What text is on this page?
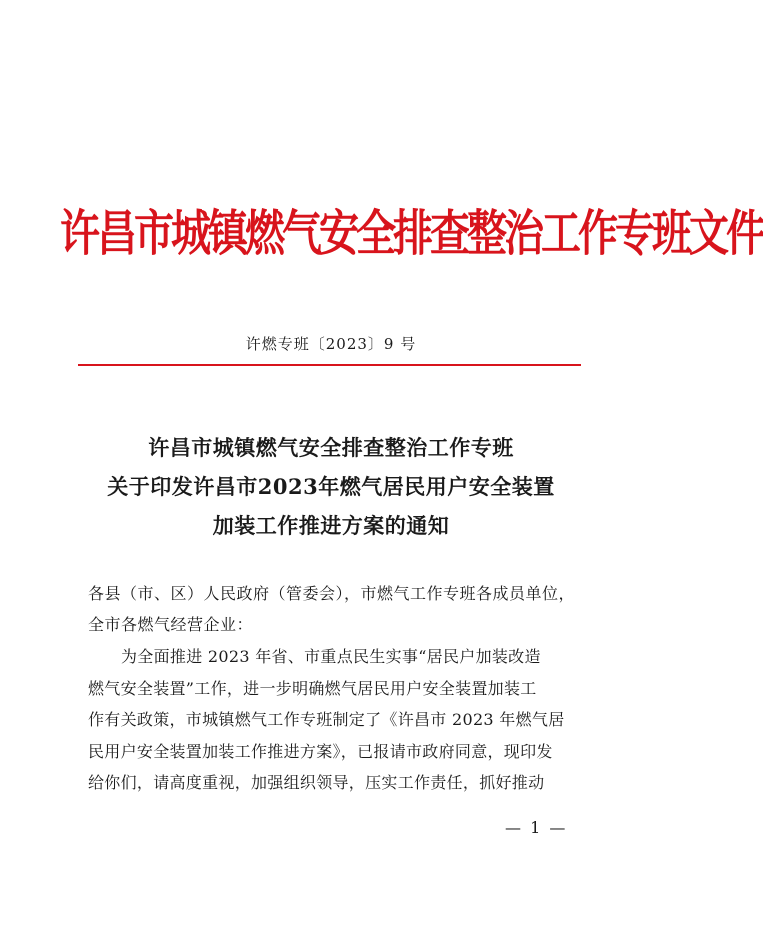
许昌市城镇燃气安全排查整治工作专班文件
许燃专班〔2023〕9 号
许昌市城镇燃气安全排查整治工作专班
关于印发许昌市2023年燃气居民用户安全装置
加装工作推进方案的通知
各县（市、区）人民政府（管委会），市燃气工作专班各成员单位，
全市各燃气经营企业：
为全面推进 2023 年省、市重点民生实事“居民户加装改造
燃气安全装置”工作，进一步明确燃气居民用户安全装置加装工
作有关政策，市城镇燃气工作专班制定了《许昌市 2023 年燃气居
民用户安全装置加装工作推进方案》，已报请市政府同意，现印发
给你们，请高度重视，加强组织领导，压实工作责任，抓好推动
— 1 —
